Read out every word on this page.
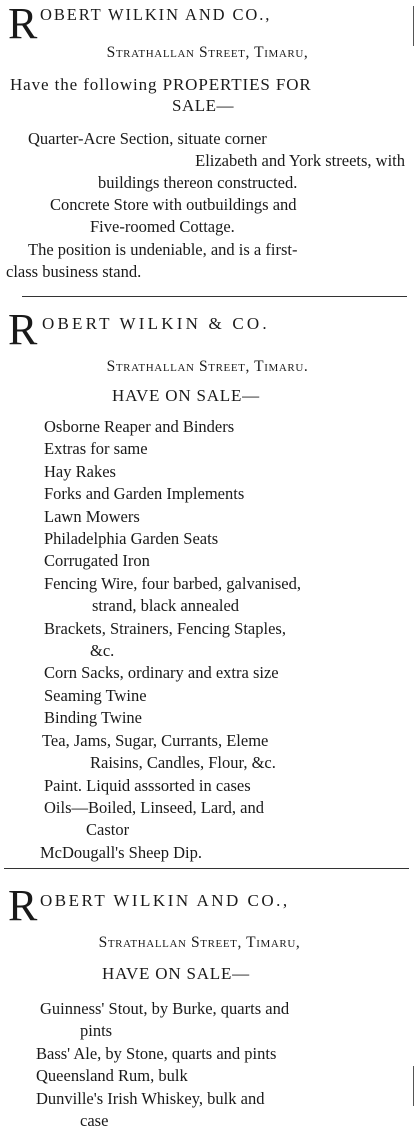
R OBERT WILKIN AND CO.,
Strathallan Street, Timaru,
Have the following PROPERTIES FOR
SALE—

Quarter-Acre Section, situate corner
Elizabeth and York streets, with
buildings thereon constructed.

Concrete Store with outbuildings and
Five-roomed Cottage.

The position is undeniable, and is a first-
class business stand.
R OBERT WILKIN & CO.
Strathallan Street, Timaru.
HAVE ON SALE—
Osborne Reaper and Binders
Extras for same
Hay Rakes
Forks and Garden Implements
Lawn Mowers
Philadelphia Garden Seats
Corrugated Iron
Fencing Wire, four barbed, galvanised,
strand, black annealed
Brackets, Strainers, Fencing Staples,
&c.
Corn Sacks, ordinary and extra size
Seaming Twine
Binding Twine
Tea, Jams, Sugar, Currants, Eleme
Raisins, Candles, Flour, &c.
Paint. Liquid asssorted in cases
Oils—Boiled, Linseed, Lard, and
Castor
McDougall's Sheep Dip.
R OBERT WILKIN AND CO.,
Strathallan Street, Timaru,
HAVE ON SALE—
Guinness' Stout, by Burke, quarts and
pints
Bass' Ale, by Stone, quarts and pints
Queensland Rum, bulk
Dunville's Irish Whiskey, bulk and
case
